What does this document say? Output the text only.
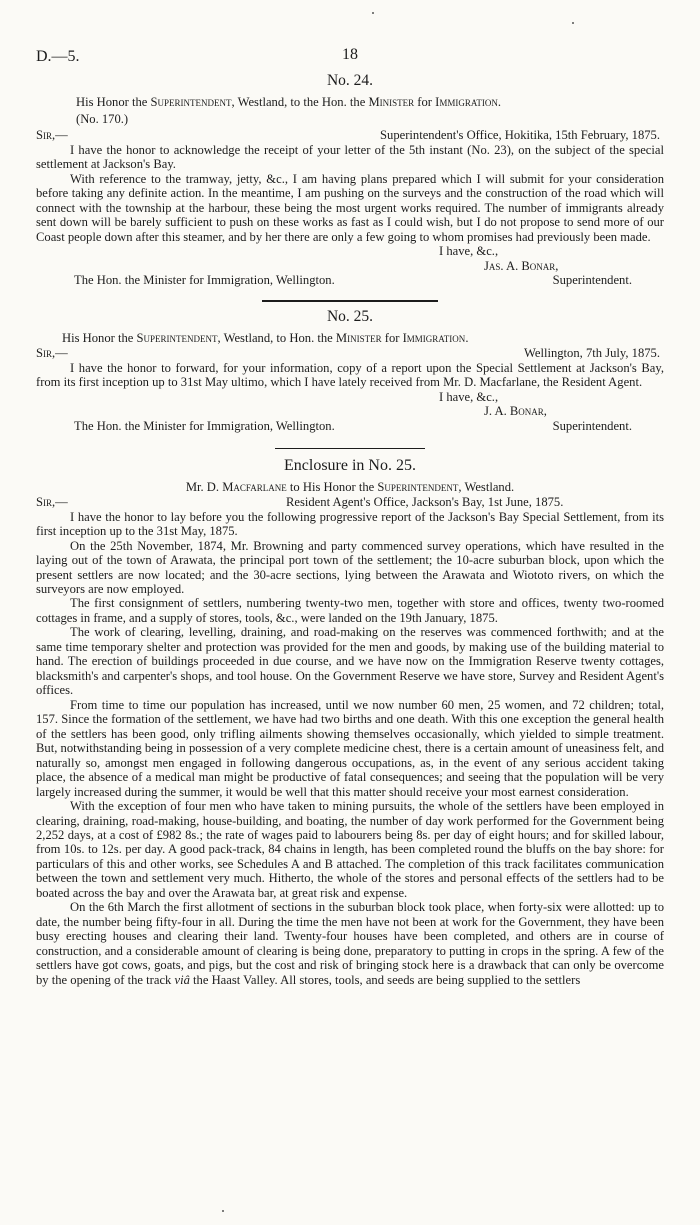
D.—5.	18
No. 24.

His Honor the Superintendent, Westland, to the Hon. the Minister for Immigration.

(No. 170.)
Sir,—	Superintendent's Office, Hokitika, 15th February, 1875.

I have the honor to acknowledge the receipt of your letter of the 5th instant (No. 23), on the subject of the special settlement at Jackson's Bay.

With reference to the tramway, jetty, &c., I am having plans prepared which I will submit for your consideration before taking any definite action. In the meantime, I am pushing on the surveys and the construction of the road which will connect with the township at the harbour, these being the most urgent works required. The number of immigrants already sent down will be barely sufficient to push on these works as fast as I could wish, but I do not propose to send more of our Coast people down after this steamer, and by her there are only a few going to whom promises had previously been made.

I have, &c.,
Jas. A. Bonar,
The Hon. the Minister for Immigration, Wellington.	Superintendent.
No. 25.

His Honor the Superintendent, Westland, to Hon. the Minister for Immigration.

Sir,—	Wellington, 7th July, 1875.

I have the honor to forward, for your information, copy of a report upon the Special Settlement at Jackson's Bay, from its first inception up to 31st May ultimo, which I have lately received from Mr. D. Macfarlane, the Resident Agent.

I have, &c.,
J. A. Bonar,
The Hon. the Minister for Immigration, Wellington.	Superintendent.
Enclosure in No. 25.

Mr. D. Macfarlane to His Honor the Superintendent, Westland.

Sir,—	Resident Agent's Office, Jackson's Bay, 1st June, 1875.

I have the honor to lay before you the following progressive report of the Jackson's Bay Special Settlement, from its first inception up to the 31st May, 1875.

On the 25th November, 1874, Mr. Browning and party commenced survey operations, which have resulted in the laying out of the town of Arawata, the principal port town of the settlement; the 10-acre suburban block, upon which the present settlers are now located; and the 30-acre sections, lying between the Arawata and Wiototo rivers, on which the surveyors are now employed.

The first consignment of settlers, numbering twenty-two men, together with store and offices, twenty two-roomed cottages in frame, and a supply of stores, tools, &c., were landed on the 19th January, 1875.

The work of clearing, levelling, draining, and road-making on the reserves was commenced forthwith; and at the same time temporary shelter and protection was provided for the men and goods, by making use of the building material to hand. The erection of buildings proceeded in due course, and we have now on the Immigration Reserve twenty cottages, blacksmith's and carpenter's shops, and tool house. On the Government Reserve we have store, Survey and Resident Agent's offices.

From time to time our population has increased, until we now number 60 men, 25 women, and 72 children; total, 157. Since the formation of the settlement, we have had two births and one death. With this one exception the general health of the settlers has been good, only trifling ailments showing themselves occasionally, which yielded to simple treatment. But, notwithstanding being in possession of a very complete medicine chest, there is a certain amount of uneasiness felt, and naturally so, amongst men engaged in following dangerous occupations, as, in the event of any serious accident taking place, the absence of a medical man might be productive of fatal consequences; and seeing that the population will be very largely increased during the summer, it would be well that this matter should receive your most earnest consideration.

With the exception of four men who have taken to mining pursuits, the whole of the settlers have been employed in clearing, draining, road-making, house-building, and boating, the number of day work performed for the Government being 2,252 days, at a cost of £982 8s.; the rate of wages paid to labourers being 8s. per day of eight hours; and for skilled labour, from 10s. to 12s. per day. A good pack-track, 84 chains in length, has been completed round the bluffs on the bay shore: for particulars of this and other works, see Schedules A and B attached. The completion of this track facilitates communication between the town and settlement very much. Hitherto, the whole of the stores and personal effects of the settlers had to be boated across the bay and over the Arawata bar, at great risk and expense.

On the 6th March the first allotment of sections in the suburban block took place, when forty-six were allotted: up to date, the number being fifty-four in all. During the time the men have not been at work for the Government, they have been busy erecting houses and clearing their land. Twenty-four houses have been completed, and others are in course of construction, and a considerable amount of clearing is being done, preparatory to putting in crops in the spring. A few of the settlers have got cows, goats, and pigs, but the cost and risk of bringing stock here is a drawback that can only be overcome by the opening of the track viâ the Haast Valley. All stores, tools, and seeds are being supplied to the settlers
